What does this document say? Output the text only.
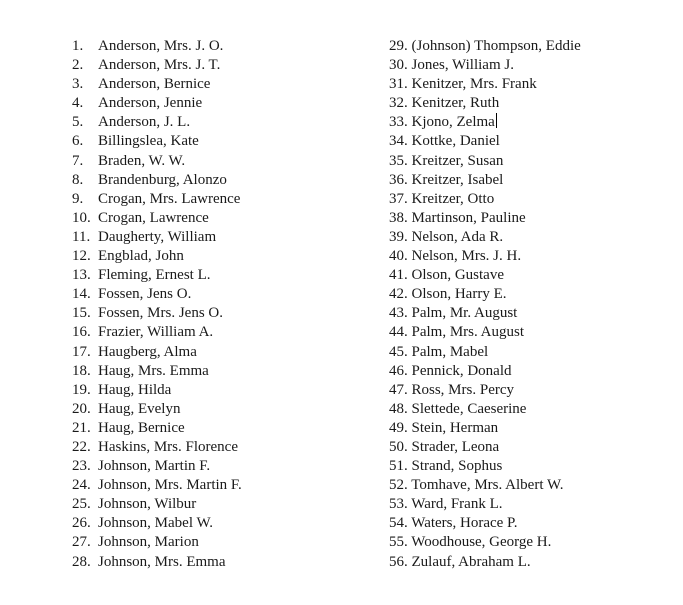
1. Anderson, Mrs. J. O.
2. Anderson, Mrs. J. T.
3. Anderson, Bernice
4. Anderson, Jennie
5. Anderson, J. L.
6. Billingslea, Kate
7. Braden, W. W.
8. Brandenburg, Alonzo
9. Crogan, Mrs. Lawrence
10. Crogan, Lawrence
11. Daugherty, William
12. Engblad, John
13. Fleming, Ernest L.
14. Fossen, Jens O.
15. Fossen, Mrs. Jens O.
16. Frazier, William A.
17. Haugberg, Alma
18. Haug, Mrs. Emma
19. Haug, Hilda
20. Haug, Evelyn
21. Haug, Bernice
22. Haskins, Mrs. Florence
23. Johnson, Martin F.
24. Johnson, Mrs. Martin F.
25. Johnson, Wilbur
26. Johnson, Mabel W.
27. Johnson, Marion
28. Johnson, Mrs. Emma
29. (Johnson) Thompson, Eddie
30. Jones, William J.
31. Kenitzer, Mrs. Frank
32. Kenitzer, Ruth
33. Kjono, Zelma
34. Kottke, Daniel
35. Kreitzer, Susan
36. Kreitzer, Isabel
37. Kreitzer, Otto
38. Martinson, Pauline
39. Nelson, Ada R.
40. Nelson, Mrs. J. H.
41. Olson, Gustave
42. Olson, Harry E.
43. Palm, Mr. August
44. Palm, Mrs. August
45. Palm, Mabel
46. Pennick, Donald
47. Ross, Mrs. Percy
48. Slettede, Caeserine
49. Stein, Herman
50. Strader, Leona
51. Strand, Sophus
52. Tomhave, Mrs. Albert W.
53. Ward, Frank L.
54. Waters, Horace P.
55. Woodhouse, George H.
56. Zulauf, Abraham L.
